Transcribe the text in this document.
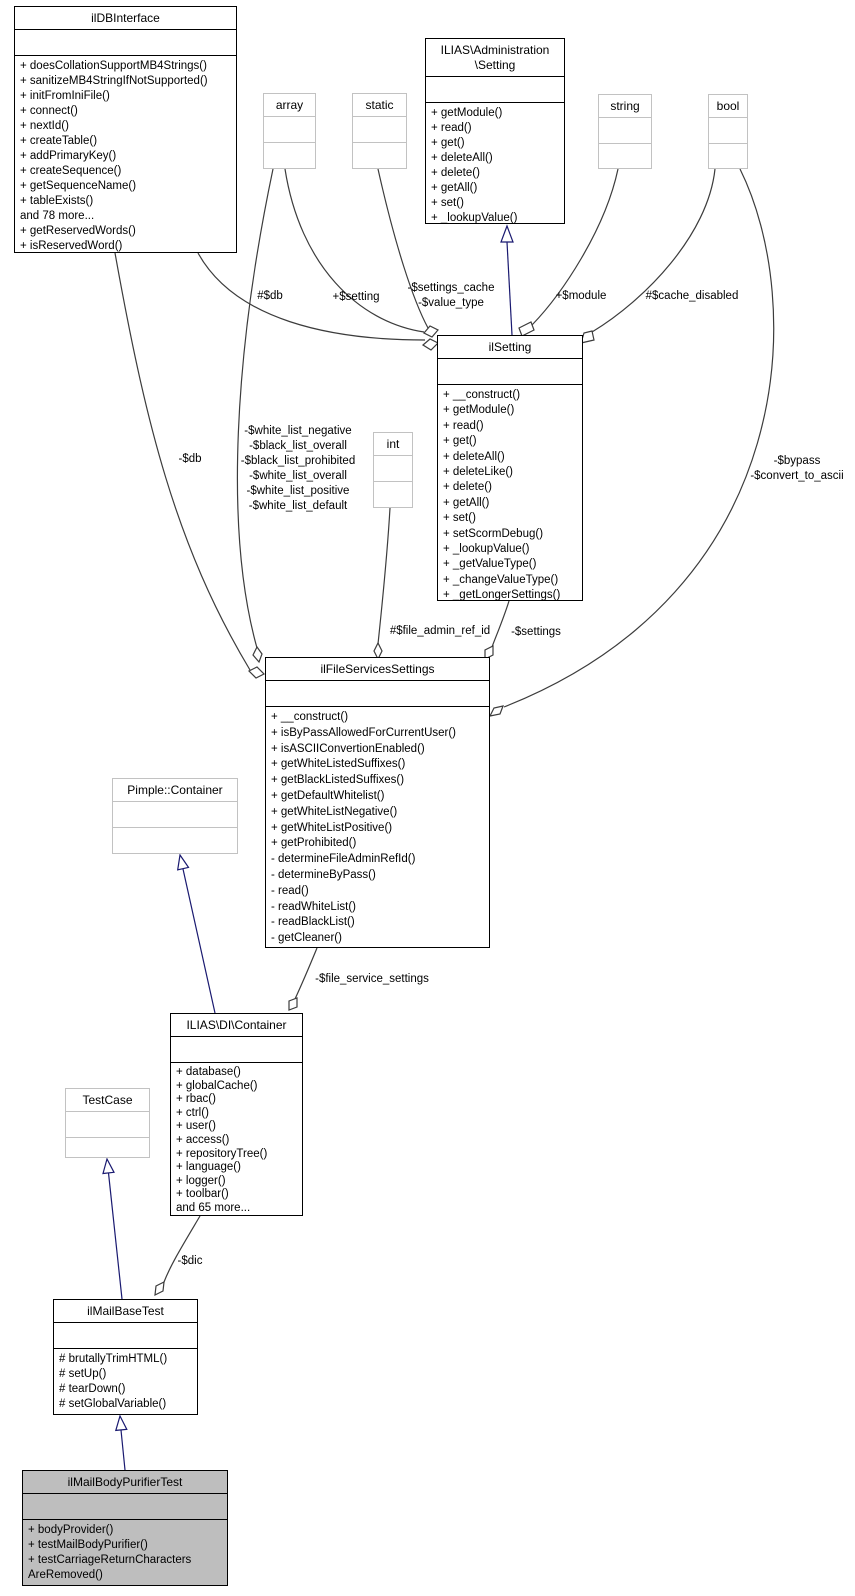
ilDBInterface
+ doesCollationSupportMB4Strings()
+ sanitizeMB4StringIfNotSupported()
+ initFromIniFile()
+ connect()
+ nextId()
+ createTable()
+ addPrimaryKey()
+ createSequence()
+ getSequenceName()
+ tableExists()
and 78 more...
+ getReservedWords()
+ isReservedWord()
ILIAS\Administration
\Setting
+ getModule()
+ read()
+ get()
+ deleteAll()
+ delete()
+ getAll()
+ set()
+ _lookupValue()
array	static	string	bool
ilSetting
+ __construct()
+ getModule()
+ read()
+ get()
+ deleteAll()
+ deleteLike()
+ delete()
+ getAll()
+ set()
+ setScormDebug()
+ _lookupValue()
+ _getValueType()
+ _changeValueType()
+ _getLongerSettings()
int
ilFileServicesSettings
+ __construct()
+ isByPassAllowedForCurrentUser()
+ isASCIIConvertionEnabled()
+ getWhiteListedSuffixes()
+ getBlackListedSuffixes()
+ getDefaultWhitelist()
+ getWhiteListNegative()
+ getWhiteListPositive()
+ getProhibited()
- determineFileAdminRefId()
- determineByPass()
- read()
- readWhiteList()
- readBlackList()
- getCleaner()
Pimple::Container
ILIAS\DI\Container
+ database()
+ globalCache()
+ rbac()
+ ctrl()
+ user()
+ access()
+ repositoryTree()
+ language()
+ logger()
+ toolbar()
and 65 more...
TestCase
ilMailBaseTest
# brutallyTrimHTML()
# setUp()
# tearDown()
# setGlobalVariable()
ilMailBodyPurifierTest
+ bodyProvider()
+ testMailBodyPurifier()
+ testCarriageReturnCharacters
AreRemoved()
#$db	+$setting
-$settings_cache
-$value_type
+$module	#$cache_disabled
-$db
-$white_list_negative
-$black_list_overall
-$black_list_prohibited
-$white_list_overall
-$white_list_positive
-$white_list_default
-$bypass
-$convert_to_ascii
#$file_admin_ref_id -$settings
-$file_service_settings
-$dic
